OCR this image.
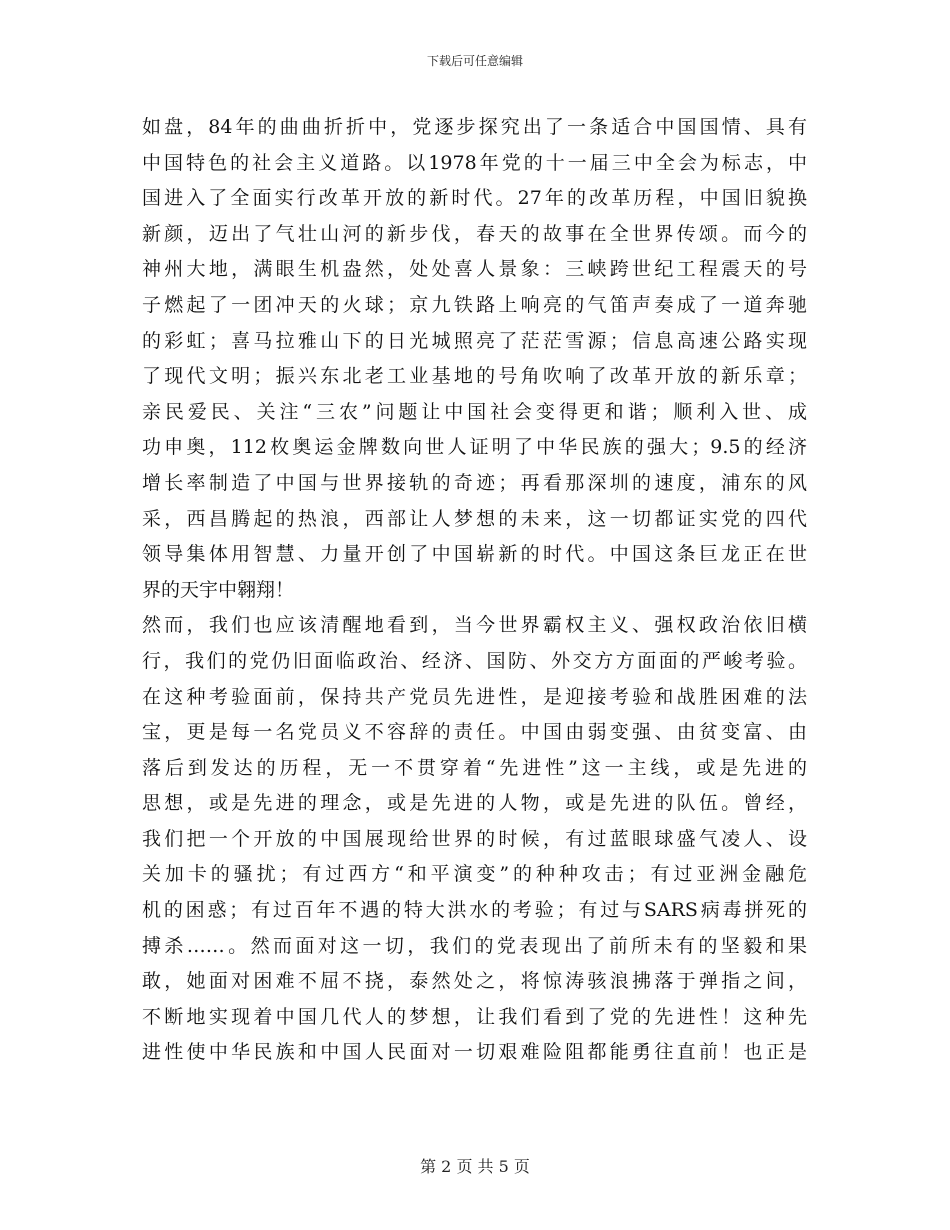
下载后可任意编辑
如盘，84年的曲曲折折中，党逐步探究出了一条适合中国国情、具有
中国特色的社会主义道路。以1978年党的十一届三中全会为标志，中
国进入了全面实行改革开放的新时代。27年的改革历程，中国旧貌换
新颜，迈出了气壮山河的新步伐，春天的故事在全世界传颂。而今的
神州大地，满眼生机盎然，处处喜人景象：三峡跨世纪工程震天的号
子燃起了一团冲天的火球；京九铁路上响亮的气笛声奏成了一道奔驰
的彩虹；喜马拉雅山下的日光城照亮了茫茫雪源；信息高速公路实现
了现代文明；振兴东北老工业基地的号角吹响了改革开放的新乐章；
亲民爱民、关注“三农”问题让中国社会变得更和谐；顺利入世、成
功申奥，112枚奥运金牌数向世人证明了中华民族的强大；9.5的经济
增长率制造了中国与世界接轨的奇迹；再看那深圳的速度，浦东的风
采，西昌腾起的热浪，西部让人梦想的未来，这一切都证实党的四代
领导集体用智慧、力量开创了中国崭新的时代。中国这条巨龙正在世
界的天宇中翱翔！
然而，我们也应该清醒地看到，当今世界霸权主义、强权政治依旧横
行，我们的党仍旧面临政治、经济、国防、外交方方面面的严峻考验。
在这种考验面前，保持共产党员先进性，是迎接考验和战胜困难的法
宝，更是每一名党员义不容辞的责任。中国由弱变强、由贫变富、由
落后到发达的历程，无一不贯穿着“先进性”这一主线，或是先进的
思想，或是先进的理念，或是先进的人物，或是先进的队伍。曾经，
我们把一个开放的中国展现给世界的时候，有过蓝眼球盛气凌人、设
关加卡的骚扰；有过西方“和平演变”的种种攻击；有过亚洲金融危
机的困惑；有过百年不遇的特大洪水的考验；有过与SARS病毒拼死的
搏杀……。然而面对这一切，我们的党表现出了前所未有的坚毅和果
敢，她面对困难不屈不挠，泰然处之，将惊涛骇浪拂落于弹指之间，
不断地实现着中国几代人的梦想，让我们看到了党的先进性！这种先
进性使中华民族和中国人民面对一切艰难险阻都能勇往直前！也正是
第 2 页 共 5 页
